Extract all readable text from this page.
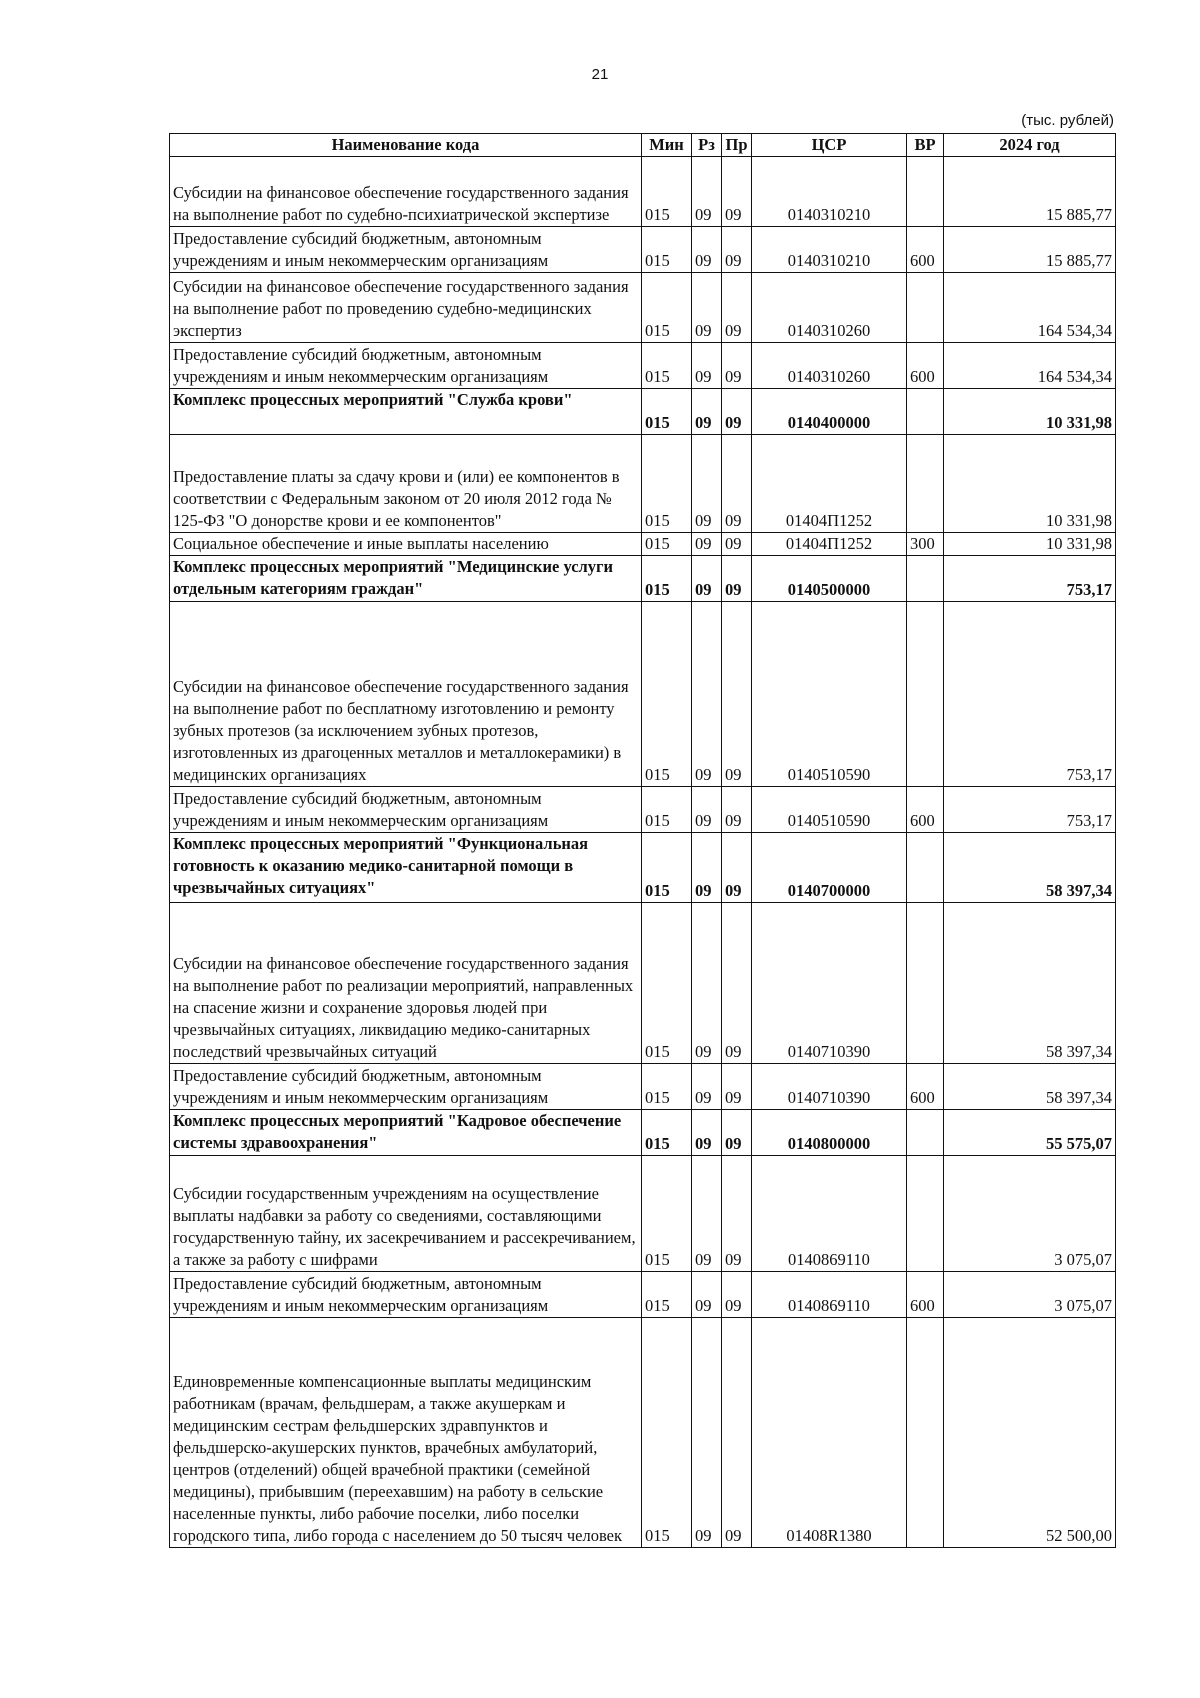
21
(тыс. рублей)
Наименование кода	Мин	Рз	Пр	ЦСР	ВР	2024 год
Субсидии на финансовое обеспечение государственного задания на выполнение работ по судебно-психиатрической экспертизе	015	09	09	0140310210		15 885,77
Предоставление субсидий бюджетным, автономным учреждениям и иным некоммерческим организациям	015	09	09	0140310210	600	15 885,77
Субсидии на финансовое обеспечение государственного задания на выполнение работ по проведению судебно-медицинских экспертиз	015	09	09	0140310260		164 534,34
Предоставление субсидий бюджетным, автономным учреждениям и иным некоммерческим организациям	015	09	09	0140310260	600	164 534,34
Комплекс процессных мероприятий "Служба крови"	015	09	09	0140400000		10 331,98
Предоставление платы за сдачу крови и (или) ее компонентов в соответствии с Федеральным законом от 20 июля 2012 года № 125-ФЗ "О донорстве крови и ее компонентов"	015	09	09	01404П1252		10 331,98
Социальное обеспечение и иные выплаты населению	015	09	09	01404П1252	300	10 331,98
Комплекс процессных мероприятий "Медицинские услуги отдельным категориям граждан"	015	09	09	0140500000		753,17
Субсидии на финансовое обеспечение государственного задания на выполнение работ по бесплатному изготовлению и ремонту зубных протезов (за исключением зубных протезов, изготовленных из драгоценных металлов и металлокерамики) в медицинских организациях	015	09	09	0140510590		753,17
Предоставление субсидий бюджетным, автономным учреждениям и иным некоммерческим организациям	015	09	09	0140510590	600	753,17
Комплекс процессных мероприятий "Функциональная готовность к оказанию медико-санитарной помощи в чрезвычайных ситуациях"	015	09	09	0140700000		58 397,34
Субсидии на финансовое обеспечение государственного задания на выполнение работ по реализации мероприятий, направленных на спасение жизни и сохранение здоровья людей при чрезвычайных ситуациях, ликвидацию медико-санитарных последствий чрезвычайных ситуаций	015	09	09	0140710390		58 397,34
Предоставление субсидий бюджетным, автономным учреждениям и иным некоммерческим организациям	015	09	09	0140710390	600	58 397,34
Комплекс процессных мероприятий "Кадровое обеспечение системы здравоохранения"	015	09	09	0140800000		55 575,07
Субсидии государственным учреждениям на осуществление выплаты надбавки за работу со сведениями, составляющими государственную тайну, их засекречиванием и рассекречиванием, а также за работу с шифрами	015	09	09	0140869110		3 075,07
Предоставление субсидий бюджетным, автономным учреждениям и иным некоммерческим организациям	015	09	09	0140869110	600	3 075,07
Единовременные компенсационные выплаты медицинским работникам (врачам, фельдшерам, а также акушеркам и медицинским сестрам фельдшерских здравпунктов и фельдшерско-акушерских пунктов, врачебных амбулаторий, центров (отделений) общей врачебной практики (семейной медицины), прибывшим (переехавшим) на работу в сельские населенные пункты, либо рабочие поселки, либо поселки городского типа, либо города с населением до 50 тысяч человек	015	09	09	01408R1380		52 500,00
